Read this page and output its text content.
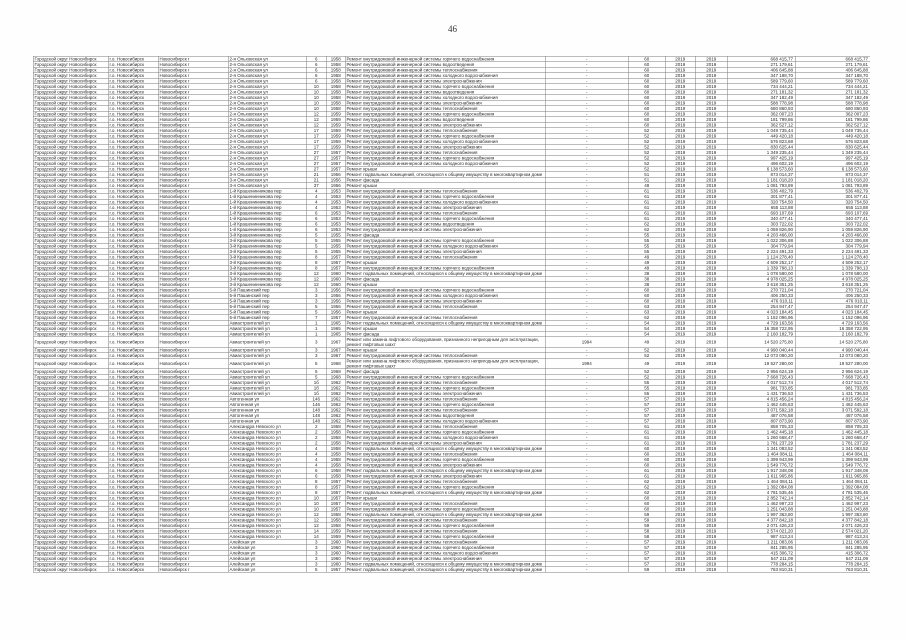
46
Городской округ Новосибирск	г.о. Новосибирск	Новосибирск г	2-я Ольховская ул	6	1958	Ремонт внутридомовой инженерной системы горячего водоснабжения	-	60	2019	2019	668 415,77	668 415,77
Городской округ Новосибирск	г.о. Новосибирск	Новосибирск г	2-я Ольховская ул	6	1958	Ремонт внутридомовой инженерной системы водоотведения	-	60	2019	2019	271 179,61	271 179,61
Городской округ Новосибирск	г.о. Новосибирск	Новосибирск г	2-я Ольховская ул	6	1958	Ремонт внутридомовой инженерной системы теплоснабжения	-	60	2019	2019	406 645,88	406 645,88
Городской округ Новосибирск	г.о. Новосибирск	Новосибирск г	2-я Ольховская ул	6	1958	Ремонт внутридомовой инженерной системы холодного водоснабжения	-	60	2019	2019	347 188,70	347 188,70
Городской округ Новосибирск	г.о. Новосибирск	Новосибирск г	2-я Ольховская ул	6	1958	Ремонт внутридомовой инженерной системы электроснабжения	-	60	2019	2019	589 779,60	589 779,60
Городской округ Новосибирск	г.о. Новосибирск	Новосибирск г	2-я Ольховская ул	10	1958	Ремонт внутридомовой инженерной системы горячего водоснабжения	-	60	2019	2019	734 444,21	734 444,21
Городской округ Новосибирск	г.о. Новосибирск	Новосибирск г	2-я Ольховская ул	10	1958	Ремонт внутридомовой инженерной системы водоотведения	-	60	2019	2019	271 181,32	271 181,32
Городской округ Новосибирск	г.о. Новосибирск	Новосибирск г	2-я Ольховская ул	10	1958	Ремонт внутридомовой инженерной системы холодного водоснабжения	-	60	2019	2019	347 182,49	347 182,49
Городской округ Новосибирск	г.о. Новосибирск	Новосибирск г	2-я Ольховская ул	10	1958	Ремонт внутридомовой инженерной системы электроснабжения	-	60	2019	2019	588 778,98	588 778,98
Городской округ Новосибирск	г.о. Новосибирск	Новосибирск г	2-я Ольховская ул	10	1958	Ремонт внутридомовой инженерной системы теплоснабжения	-	60	2019	2019	680 860,93	680 860,93
Городской округ Новосибирск	г.о. Новосибирск	Новосибирск г	2-я Ольховская ул	12	1959	Ремонт внутридомовой инженерной системы горячего водоснабжения	-	60	2019	2019	362 007,23	362 007,23
Городской округ Новосибирск	г.о. Новосибирск	Новосибирск г	2-я Ольховская ул	12	1959	Ремонт внутридомовой инженерной системы водоотведения	-	60	2019	2019	181 799,86	181 799,86
Городской округ Новосибирск	г.о. Новосибирск	Новосибирск г	2-я Ольховская ул	12	1959	Ремонт внутридомовой инженерной системы электроснабжения	-	60	2019	2019	362 527,12	362 527,12
Городской округ Новосибирск	г.о. Новосибирск	Новосибирск г	2-я Ольховская ул	17	1959	Ремонт внутридомовой инженерной системы теплоснабжения	-	52	2019	2019	1 049 735,44	1 049 735,44
Городской округ Новосибирск	г.о. Новосибирск	Новосибирск г	2-я Ольховская ул	17	1959	Ремонт внутридомовой инженерной системы горячего водоснабжения	-	52	2019	2019	449 420,18	449 420,18
Городской округ Новосибирск	г.о. Новосибирск	Новосибирск г	2-я Ольховская ул	17	1959	Ремонт внутридомовой инженерной системы холодного водоснабжения	-	52	2019	2019	576 823,68	576 823,68
Городской округ Новосибирск	г.о. Новосибирск	Новосибирск г	2-я Ольховская ул	17	1959	Ремонт внутридомовой инженерной системы электроснабжения	-	52	2019	2019	830 625,44	830 625,44
Городской округ Новосибирск	г.о. Новосибирск	Новосибирск г	2-я Ольховская ул	27	1957	Ремонт внутридомовой инженерной системы теплоснабжения	-	52	2019	2019	1 349 235,44	1 349 235,44
Городской округ Новосибирск	г.о. Новосибирск	Новосибирск г	2-я Ольховская ул	27	1957	Ремонт внутридомовой инженерной системы горячего водоснабжения	-	52	2019	2019	997 425,19	997 425,19
Городской округ Новосибирск	г.о. Новосибирск	Новосибирск г	2-я Ольховская ул	27	1957	Ремонт внутридомовой инженерной системы холодного водоснабжения	-	52	2019	2019	496 602,19	496 602,19
Городской округ Новосибирск	г.о. Новосибирск	Новосибирск г	2-я Ольховская ул	27	1957	Ремонт крыши	-	52	2019	2019	6 138 573,60	6 138 573,60
Городской округ Новосибирск	г.о. Новосибирск	Новосибирск г	3-я Ольховская ул	21	1956	Ремонт подвальных помещений, относящихся к общему имуществу в многоквартирном доме	-	51	2019	2019	873 014,37	873 014,37
Городской округ Новосибирск	г.о. Новосибирск	Новосибирск г	3-я Ольховская ул	21	1956	Ремонт фасада	-	51	2019	2019	1 181 018,20	1 181 018,20
Городской округ Новосибирск	г.о. Новосибирск	Новосибирск г	3-я Ольховская ул	37	1956	Ремонт крыши	-	48	2019	2019	1 081 793,89	1 081 793,89
Городской округ Новосибирск	г.о. Новосибирск	Новосибирск г	1-й Крашенинникова пер	4	1953	Ремонт внутридомовой инженерной системы теплоснабжения	-	61	2019	2019	536 402,79	536 402,79
Городской округ Новосибирск	г.о. Новосибирск	Новосибирск г	1-й Крашенинникова пер	4	1953	Ремонт внутридомовой инженерной системы горячего водоснабжения	-	61	2019	2019	301 877,41	301 877,41
Городской округ Новосибирск	г.о. Новосибирск	Новосибирск г	1-й Крашенинникова пер	4	1953	Ремонт внутридомовой инженерной системы холодного водоснабжения	-	61	2019	2019	320 754,50	320 754,50
Городской округ Новосибирск	г.о. Новосибирск	Новосибирск г	1-й Крашенинникова пер	4	1953	Ремонт внутридомовой инженерной системы электроснабжения	-	61	2019	2019	655 113,88	655 113,88
Городской округ Новосибирск	г.о. Новосибирск	Новосибирск г	1-й Крашенинникова пер	6	1953	Ремонт внутридомовой инженерной системы теплоснабжения	-	61	2019	2019	693 107,69	693 107,69
Городской округ Новосибирск	г.о. Новосибирск	Новосибирск г	1-й Крашенинникова пер	6	1953	Ремонт внутридомовой инженерной системы горячего водоснабжения	-	61	2019	2019	340 477,41	340 477,41
Городской округ Новосибирск	г.о. Новосибирск	Новосибирск г	1-й Крашенинникова пер	6	1953	Ремонт внутридомовой инженерной системы водоотведения	-	62	2019	2019	303 722,02	303 722,02
Городской округ Новосибирск	г.о. Новосибирск	Новосибирск г	1-й Крашенинникова пер	6	1953	Ремонт внутридомовой инженерной системы электроснабжения	-	62	2019	2019	1 059 826,90	1 059 826,90
Городской округ Новосибирск	г.о. Новосибирск	Новосибирск г	3-й Крашенинникова пер	5	1955	Ремонт фасада	-	55	2019	2019	4 203 466,00	4 203 466,00
Городской округ Новосибирск	г.о. Новосибирск	Новосибирск г	3-й Крашенинникова пер	5	1955	Ремонт внутридомовой инженерной системы горячего водоснабжения	-	55	2019	2019	1 022 306,88	1 022 306,88
Городской округ Новосибирск	г.о. Новосибирск	Новосибирск г	3-й Крашенинникова пер	5	1955	Ремонт внутридомовой инженерной системы холодного водоснабжения	-	55	2019	2019	304 779,94	304 779,94
Городской округ Новосибирск	г.о. Новосибирск	Новосибирск г	3-й Крашенинникова пер	5	1955	Ремонт внутридомовой инженерной системы электроснабжения	-	55	2019	2019	2 224 491,33	2 224 491,33
Городской округ Новосибирск	г.о. Новосибирск	Новосибирск г	3-й Крашенинникова пер	8	1957	Ремонт внутридомовой инженерной системы теплоснабжения	-	49	2019	2019	1 124 278,40	1 124 278,40
Городской округ Новосибирск	г.о. Новосибирск	Новосибирск г	3-й Крашенинникова пер	8	1957	Ремонт крыши	-	49	2019	2019	4 509 252,17	4 509 252,17
Городской округ Новосибирск	г.о. Новосибирск	Новосибирск г	3-й Крашенинникова пер	8	1957	Ремонт внутридомовой инженерной системы горячего водоснабжения	-	49	2019	2019	1 339 798,13	1 339 798,13
Городской округ Новосибирск	г.о. Новосибирск	Новосибирск г	3-й Крашенинникова пер	12	1960	Ремонт подвальных помещений, относящихся к общему имуществу в многоквартирном доме	-	38	2019	2019	1 078 580,00	1 078 580,00
Городской округ Новосибирск	г.о. Новосибирск	Новосибирск г	3-й Крашенинникова пер	12	1960	Ремонт фасада	-	38	2019	2019	4 978 025,25	4 978 025,25
Городской округ Новосибирск	г.о. Новосибирск	Новосибирск г	3-й Крашенинникова пер	12	1960	Ремонт крыши	-	38	2019	2019	3 618 351,25	3 618 351,25
Городской округ Новосибирск	г.о. Новосибирск	Новосибирск г	5-й Пашинский пер	3	1956	Ремонт внутридомовой инженерной системы горячего водоснабжения	-	60	2019	2019	270 721,04	270 721,04
Городской округ Новосибирск	г.о. Новосибирск	Новосибирск г	5-й Пашинский пер	3	1956	Ремонт внутридомовой инженерной системы холодного водоснабжения	-	60	2019	2019	406 250,33	406 250,33
Городской округ Новосибирск	г.о. Новосибирск	Новосибирск г	5-й Пашинский пер	3	1956	Ремонт внутридомовой инженерной системы электроснабжения	-	60	2019	2019	476 010,11	476 010,11
Городской округ Новосибирск	г.о. Новосибирск	Новосибирск г	5-й Пашинский пер	5	1956	Ремонт внутридомовой инженерной системы теплоснабжения	-	63	2019	2019	254 947,47	254 947,47
Городской округ Новосибирск	г.о. Новосибирск	Новосибирск г	5-й Пашинский пер	5	1956	Ремонт крыши	-	63	2019	2019	4 023 184,45	4 023 184,45
Городской округ Новосибирск	г.о. Новосибирск	Новосибирск г	5-й Пашинский пер	7	1957	Ремонт внутридомовой инженерной системы теплоснабжения	-	62	2019	2019	1 152 096,96	1 152 096,96
Городской округ Новосибирск	г.о. Новосибирск	Новосибирск г	Авиастроителей ул	1	1965	Ремонт подвальных помещений, относящихся к общему имуществу в многоквартирном доме	-	54	2019	2019	4 729 163,56	4 729 163,56
Городской округ Новосибирск	г.о. Новосибирск	Новосибирск г	Авиастроителей ул	1	1965	Ремонт крыши	-	54	2019	2019	16 358 722,95	16 358 722,95
Городской округ Новосибирск	г.о. Новосибирск	Новосибирск г	Авиастроителей ул	1	1965	Ремонт фасада	-	54	2019	2019	2 160 182,79	2 160 182,79
Городской округ Новосибирск	г.о. Новосибирск	Новосибирск г	Авиастроителей ул	3	1967	Ремонт или замена лифтового оборудования, признанного непригодным для эксплуатации, ремонт лифтовых шахт	1994	49	2019	2019	14 520 275,80	14 520 275,80
Городской округ Новосибирск	г.о. Новосибирск	Новосибирск г	Авиастроителей ул	3	1967	Ремонт крыши	-	52	2019	2019	4 990 040,44	4 990 040,44
Городской округ Новосибирск	г.о. Новосибирск	Новосибирск г	Авиастроителей ул	3	1967	Ремонт внутридомовой инженерной системы теплоснабжения	-	52	2019	2019	12 073 080,20	12 073 080,20
Городской округ Новосибирск	г.о. Новосибирск	Новосибирск г	Авиастроителей ул	5	1968	Ремонт или замена лифтового оборудования, признанного непригодным для эксплуатации, ремонт лифтовых шахт	1994	49	2019	2019	19 527 280,00	19 527 280,00
Городской округ Новосибирск	г.о. Новосибирск	Новосибирск г	Авиастроителей ул	5	1968	Ремонт фасада	-	52	2019	2019	2 956 624,19	2 956 624,19
Городской округ Новосибирск	г.о. Новосибирск	Новосибирск г	Авиастроителей ул	5	1968	Ремонт внутридомовой инженерной системы горячего водоснабжения	-	52	2019	2019	7 668 726,43	7 668 726,43
Городской округ Новосибирск	г.о. Новосибирск	Новосибирск г	Авиастроителей ул	1б	1962	Ремонт внутридомовой инженерной системы теплоснабжения	-	55	2019	2019	4 017 512,74	4 017 512,74
Городской округ Новосибирск	г.о. Новосибирск	Новосибирск г	Авиастроителей ул	1б	1962	Ремонт внутридомовой инженерной системы горячего водоснабжения	-	55	2019	2019	981 733,85	981 733,85
Городской округ Новосибирск	г.о. Новосибирск	Новосибирск г	Авиастроителей ул	1б	1962	Ремонт внутридомовой инженерной системы электроснабжения	-	55	2019	2019	1 431 736,53	1 431 736,53
Городской округ Новосибирск	г.о. Новосибирск	Новосибирск г	Автогенная ул	146	1962	Ремонт внутридомовой инженерной системы теплоснабжения	-	57	2019	2019	4 815 456,24	4 815 456,24
Городской округ Новосибирск	г.о. Новосибирск	Новосибирск г	Автогенная ул	146	1962	Ремонт внутридомовой инженерной системы горячего водоснабжения	-	57	2019	2019	1 462 445,63	1 462 445,63
Городской округ Новосибирск	г.о. Новосибирск	Новосибирск г	Автогенная ул	148	1962	Ремонт внутридомовой инженерной системы теплоснабжения	-	57	2019	2019	3 071 592,18	3 071 592,18
Городской округ Новосибирск	г.о. Новосибирск	Новосибирск г	Автогенная ул	148	1962	Ремонт внутридомовой инженерной системы водоотведения	-	57	2019	2019	487 076,58	487 076,58
Городской округ Новосибирск	г.о. Новосибирск	Новосибирск г	Автогенная ул	148	1962	Ремонт внутридомовой инженерной системы холодного водоснабжения	-	57	2019	2019	807 873,90	807 873,90
Городской округ Новосибирск	г.о. Новосибирск	Новосибирск г	Александра Невского ул	2	1958	Ремонт внутридомовой инженерной системы теплоснабжения	-	61	2019	2019	858 705,33	858 705,33
Городской округ Новосибирск	г.о. Новосибирск	Новосибирск г	Александра Невского ул	2	1958	Ремонт внутридомовой инженерной системы горячего водоснабжения	-	61	2019	2019	1 462 445,18	1 462 445,18
Городской округ Новосибирск	г.о. Новосибирск	Новосибирск г	Александра Невского ул	2	1958	Ремонт внутридомовой инженерной системы холодного водоснабжения	-	61	2019	2019	1 260 668,47	1 260 668,47
Городской округ Новосибирск	г.о. Новосибирск	Новосибирск г	Александра Невского ул	2	1958	Ремонт внутридомовой инженерной системы электроснабжения	-	61	2019	2019	1 781 237,29	1 781 237,29
Городской округ Новосибирск	г.о. Новосибирск	Новосибирск г	Александра Невского ул	4	1958	Ремонт подвальных помещений, относящихся к общему имуществу в многоквартирном доме	-	60	2019	2019	1 341 083,52	1 341 083,52
Городской округ Новосибирск	г.о. Новосибирск	Новосибирск г	Александра Невского ул	4	1958	Ремонт внутридомовой инженерной системы теплоснабжения	-	60	2019	2019	1 464 084,11	1 464 084,11
Городской округ Новосибирск	г.о. Новосибирск	Новосибирск г	Александра Невского ул	4	1958	Ремонт внутридомовой инженерной системы горячего водоснабжения	-	60	2019	2019	1 399 943,99	1 399 943,99
Городской округ Новосибирск	г.о. Новосибирск	Новосибирск г	Александра Невского ул	4	1958	Ремонт внутридомовой инженерной системы электроснабжения	-	60	2019	2019	1 549 776,72	1 549 776,72
Городской округ Новосибирск	г.о. Новосибирск	Новосибирск г	Александра Невского ул	6	1958	Ремонт подвальных помещений, относящихся к общему имуществу в многоквартирном доме	-	61	2019	2019	1 917 348,08	1 917 348,08
Городской округ Новосибирск	г.о. Новосибирск	Новосибирск г	Александра Невского ул	6	1958	Ремонт внутридомовой инженерной системы электроснабжения	-	61	2019	2019	1 611 965,86	1 611 965,86
Городской округ Новосибирск	г.о. Новосибирск	Новосибирск г	Александра Невского ул	8	1957	Ремонт внутридомовой инженерной системы теплоснабжения	-	62	2019	2019	1 464 084,11	1 464 084,11
Городской округ Новосибирск	г.о. Новосибирск	Новосибирск г	Александра Невского ул	8	1957	Ремонт внутридомовой инженерной системы горячего водоснабжения	-	62	2019	2019	1 392 084,08	1 392 084,08
Городской округ Новосибирск	г.о. Новосибирск	Новосибирск г	Александра Невского ул	8	1957	Ремонт подвальных помещений, относящихся к общему имуществу в многоквартирном доме	-	62	2019	2019	4 781 535,46	4 781 535,46
Городской округ Новосибирск	г.о. Новосибирск	Новосибирск г	Александра Невского ул	10	1957	Ремонт крыши	-	60	2019	2019	2 852 742,14	2 852 742,14
Городской округ Новосибирск	г.о. Новосибирск	Новосибирск г	Александра Невского ул	10	1957	Ремонт внутридомовой инженерной системы теплоснабжения	-	60	2019	2019	1 462 997,23	1 462 997,23
Городской округ Новосибирск	г.о. Новосибирск	Новосибирск г	Александра Невского ул	10	1957	Ремонт внутридомовой инженерной системы горячего водоснабжения	-	60	2019	2019	1 251 043,88	1 251 043,88
Городской округ Новосибирск	г.о. Новосибирск	Новосибирск г	Александра Невского ул	12	1958	Ремонт подвальных помещений, относящихся к общему имуществу в многоквартирном доме	-	59	2019	2019	1 997 363,80	1 997 363,80
Городской округ Новосибирск	г.о. Новосибирск	Новосибирск г	Александра Невского ул	12	1958	Ремонт внутридомовой инженерной системы теплоснабжения	-	59	2019	2019	4 377 842,18	4 377 842,18
Городской округ Новосибирск	г.о. Новосибирск	Новосибирск г	Александра Невского ул	12	1958	Ремонт внутридомовой инженерной системы горячего водоснабжения	-	59	2019	2019	2 071 426,23	2 071 426,23
Городской округ Новосибирск	г.о. Новосибирск	Новосибирск г	Александра Невского ул	14	1959	Ремонт внутридомовой инженерной системы теплоснабжения	-	58	2019	2019	2 574 021,20	2 574 021,20
Городской округ Новосибирск	г.о. Новосибирск	Новосибирск г	Александра Невского ул	14	1959	Ремонт внутридомовой инженерной системы горячего водоснабжения	-	58	2019	2019	987 413,24	987 413,24
Городской округ Новосибирск	г.о. Новосибирск	Новосибирск г	Алейская ул	3	1960	Ремонт внутридомовой инженерной системы теплоснабжения	-	57	2019	2019	1 211 083,06	1 211 083,06
Городской округ Новосибирск	г.о. Новосибирск	Новосибирск г	Алейская ул	3	1960	Ремонт внутридомовой инженерной системы горячего водоснабжения	-	57	2019	2019	841 285,95	841 285,95
Городской округ Новосибирск	г.о. Новосибирск	Новосибирск г	Алейская ул	3	1960	Ремонт внутридомовой инженерной системы холодного водоснабжения	-	57	2019	2019	415 306,72	415 306,72
Городской округ Новосибирск	г.о. Новосибирск	Новосибирск г	Алейская ул	3	1960	Ремонт внутридомовой инженерной системы электроснабжения	-	57	2019	2019	547 211,09	547 211,09
Городской округ Новосибирск	г.о. Новосибирск	Новосибирск г	Алейская ул	3	1960	Ремонт подвальных помещений, относящихся к общему имуществу в многоквартирном доме	-	57	2019	2019	778 284,15	778 284,15
Городской округ Новосибирск	г.о. Новосибирск	Новосибирск г	Алейская ул	5	1957	Ремонт подвальных помещений, относящихся к общему имуществу в многоквартирном доме	-	59	2019	2019	763 810,31	763 810,31
